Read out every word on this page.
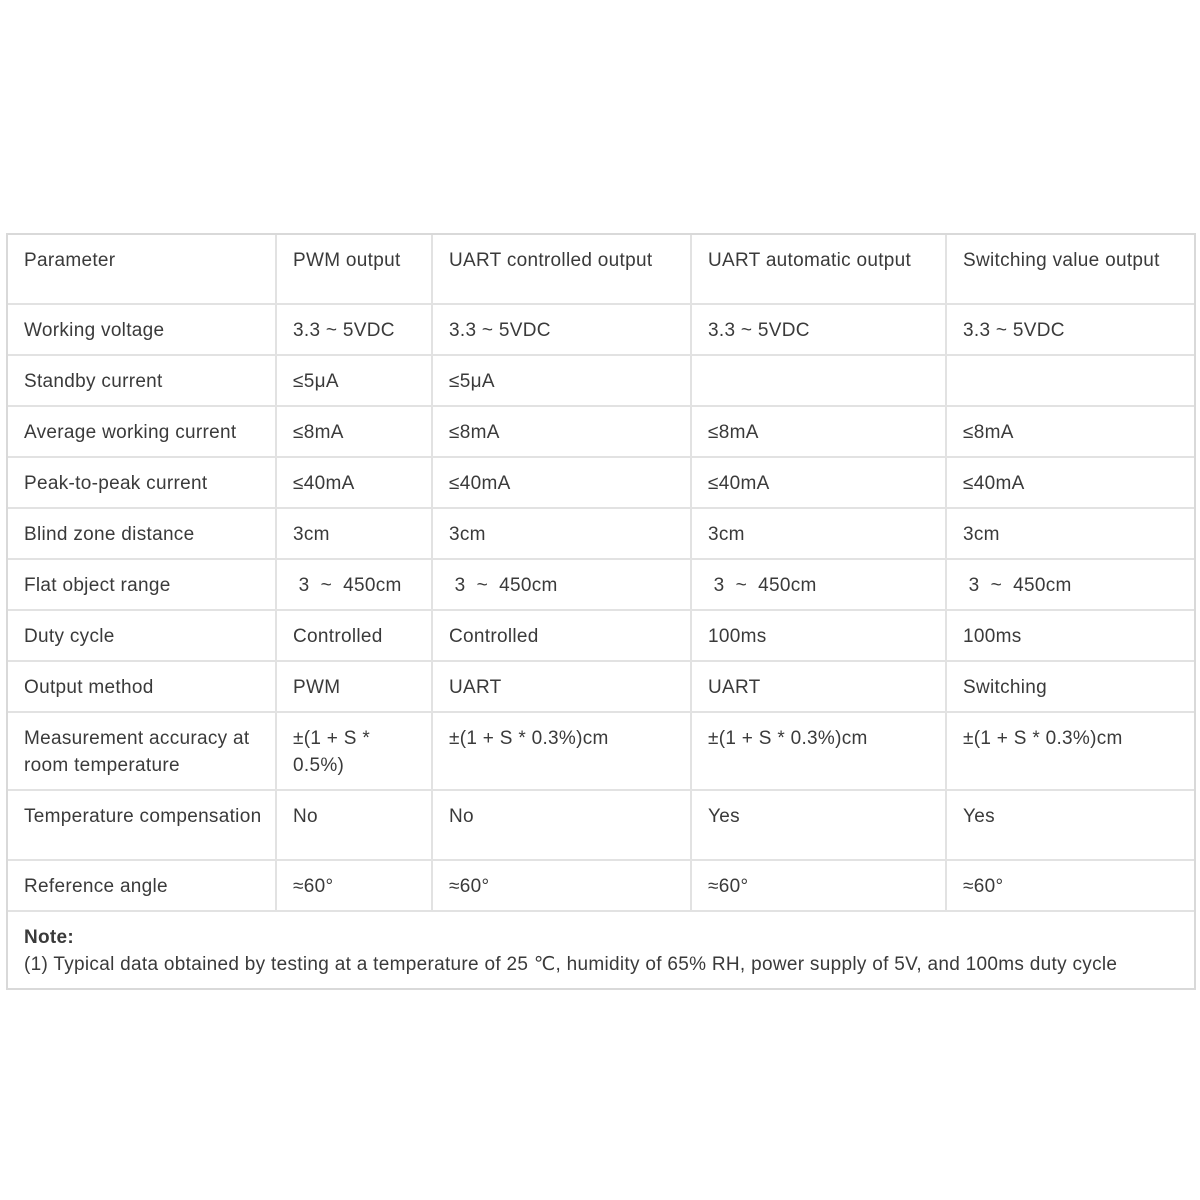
Parameter	PWM output	UART controlled output	UART automatic output	Switching value output
Working voltage	3.3 ~ 5VDC	3.3 ~ 5VDC	3.3 ~ 5VDC	3.3 ~ 5VDC
Standby current	≤5μA	≤5μA		
Average working current	≤8mA	≤8mA	≤8mA	≤8mA
Peak-to-peak current	≤40mA	≤40mA	≤40mA	≤40mA
Blind zone distance	3cm	3cm	3cm	3cm
Flat object range	3  ~  450cm	3  ~  450cm	3  ~  450cm	3  ~  450cm
Duty cycle	Controlled	Controlled	100ms	100ms
Output method	PWM	UART	UART	Switching
Measurement accuracy at room temperature	±(1 + S * 0.5%)	±(1 + S * 0.3%)cm	±(1 + S * 0.3%)cm	±(1 + S * 0.3%)cm
Temperature compensation	No	No	Yes	Yes
Reference angle	≈60°	≈60°	≈60°	≈60°

Note:
(1) Typical data obtained by testing at a temperature of 25 ℃, humidity of 65% RH, power supply of 5V, and 100ms duty cycle				
